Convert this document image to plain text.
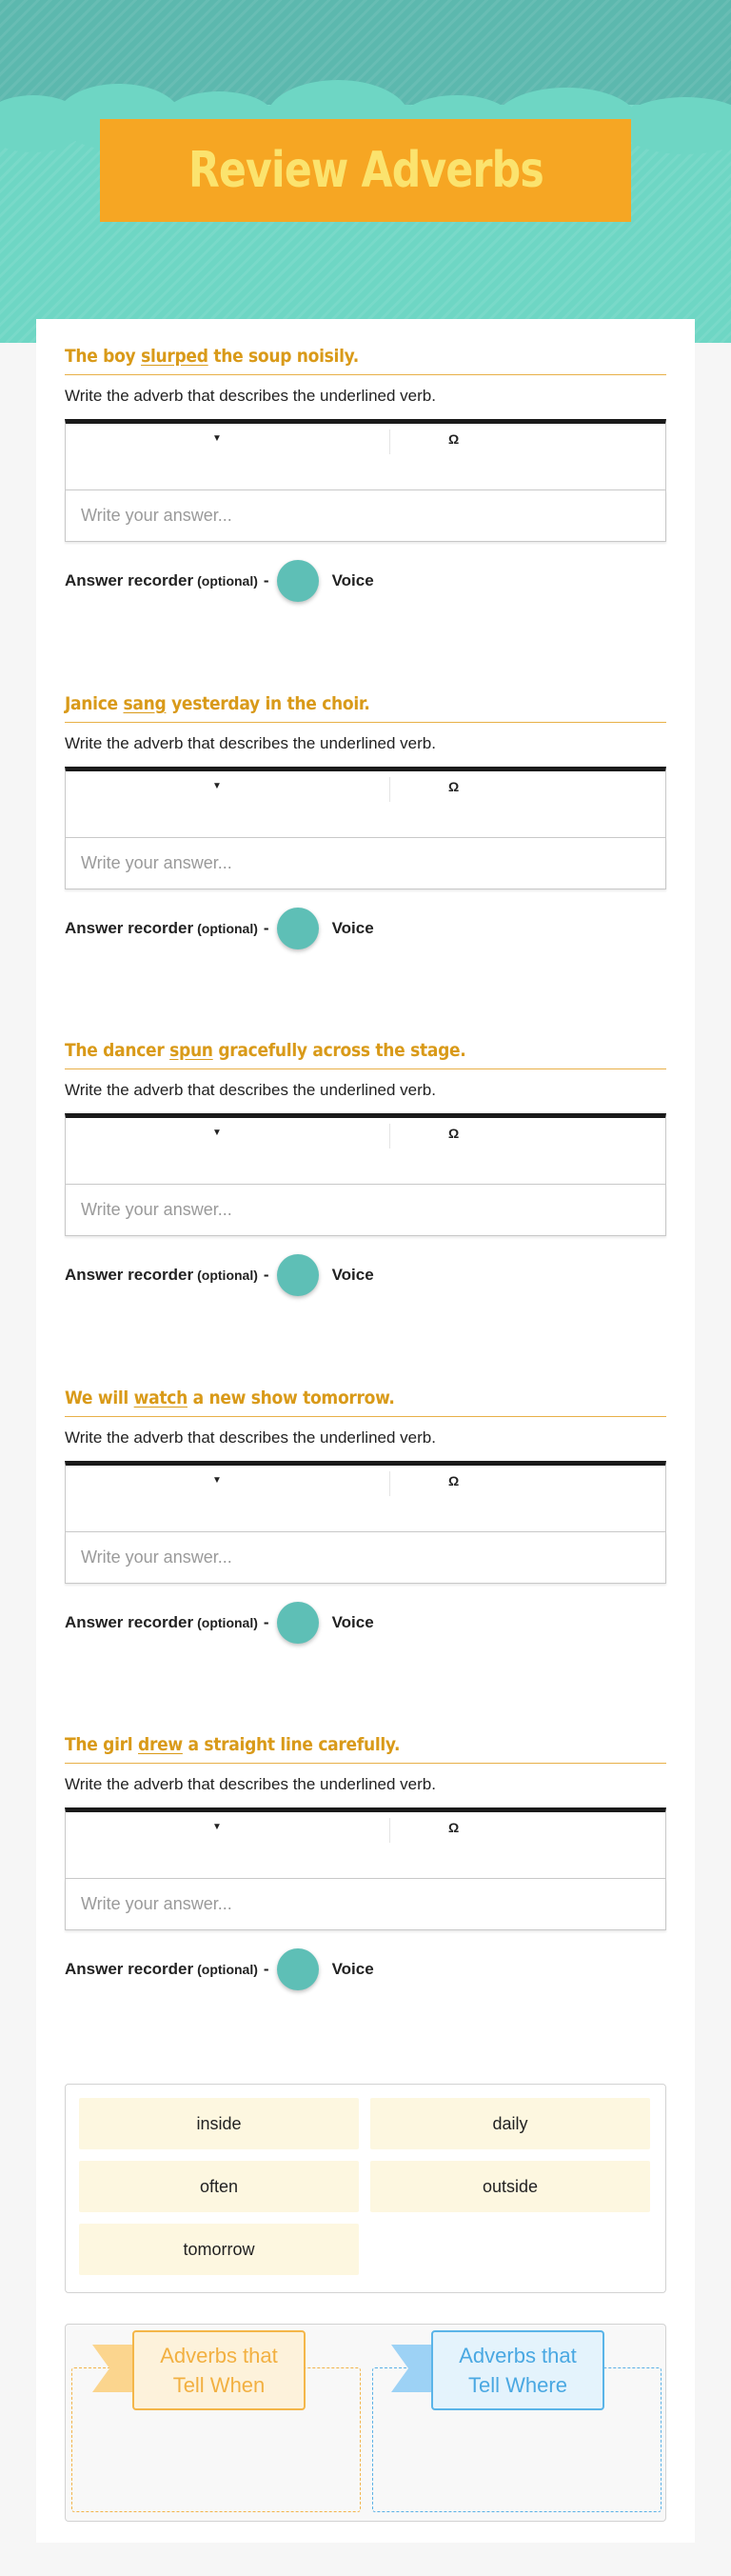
Review Adverbs
The boy slurped the soup noisily.
Write the adverb that describes the underlined verb.
▼	Ω
Write your answer...
Answer recorder (optional) -	Voice
Janice sang yesterday in the choir.
Write the adverb that describes the underlined verb.
▼	Ω
Write your answer...
Answer recorder (optional) -	Voice
The dancer spun gracefully across the stage.
Write the adverb that describes the underlined verb.
▼	Ω
Write your answer...
Answer recorder (optional) -	Voice
We will watch a new show tomorrow.
Write the adverb that describes the underlined verb.
▼	Ω
Write your answer...
Answer recorder (optional) -	Voice
The girl drew a straight line carefully.
Write the adverb that describes the underlined verb.
▼	Ω
Write your answer...
Answer recorder (optional) -	Voice
inside	daily
often	outside
tomorrow
Adverbs that
Tell When
Adverbs that
Tell Where
